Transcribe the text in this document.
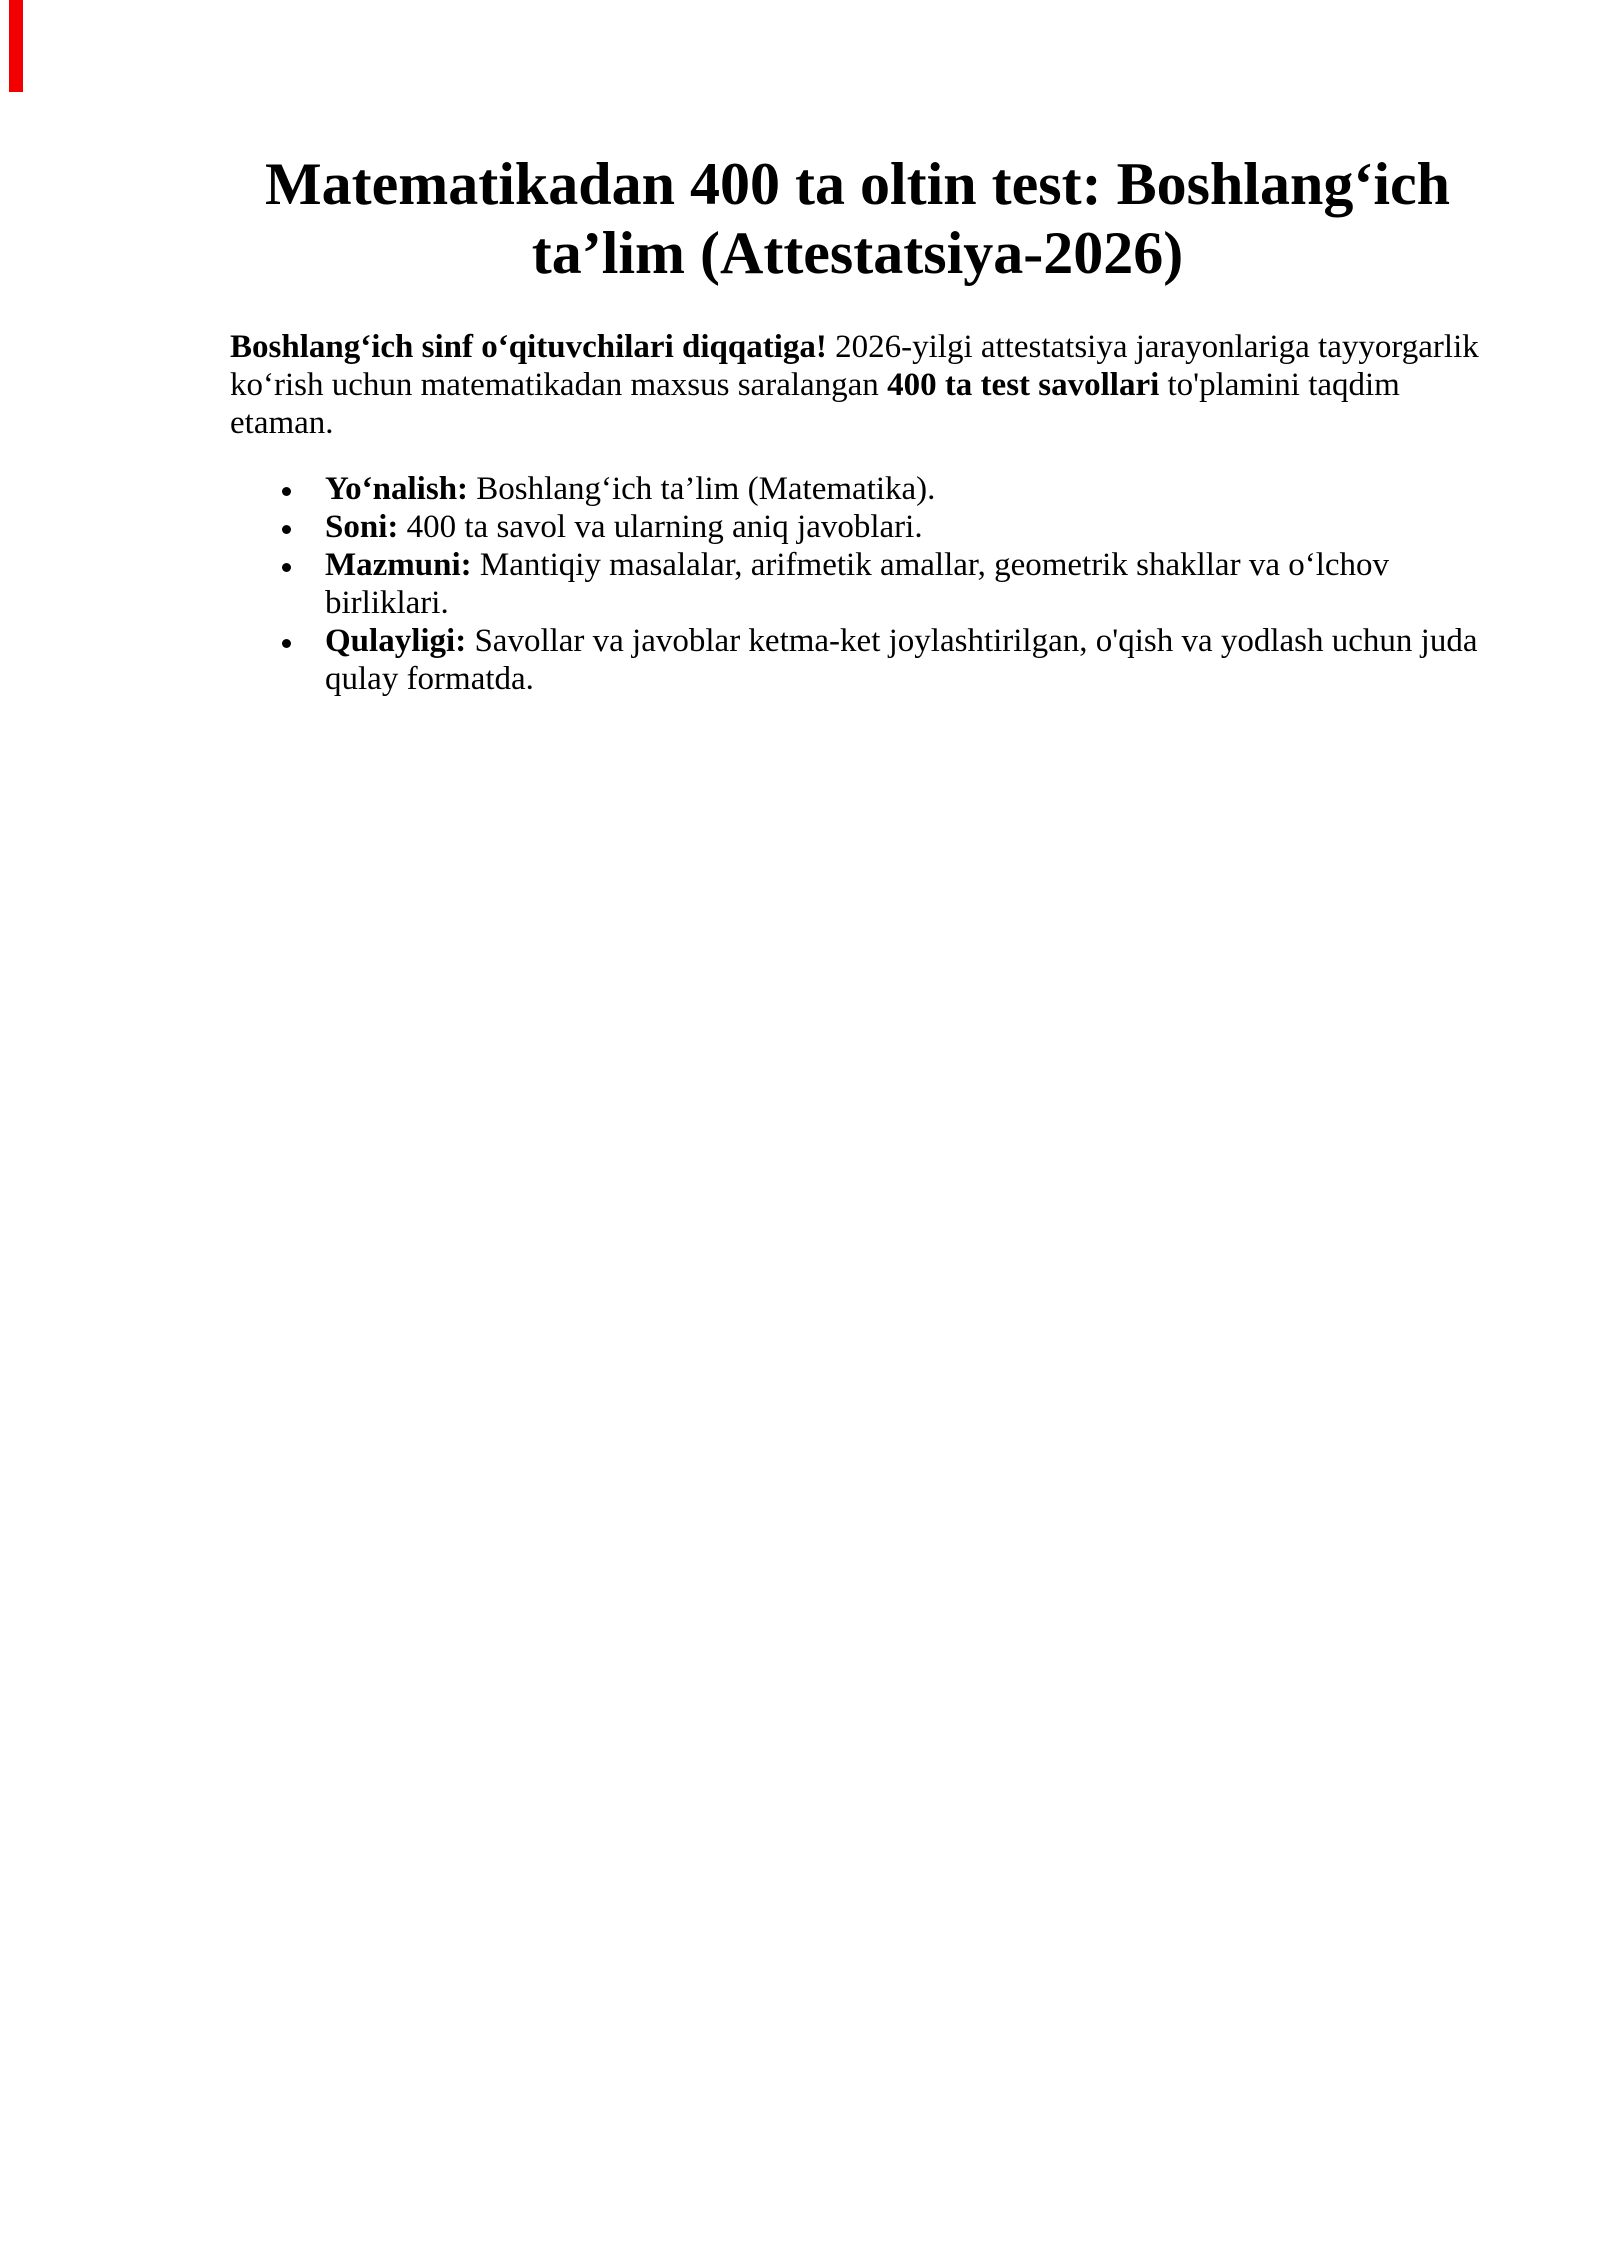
Matematikadan 400 ta oltin test: Boshlang‘ich ta’lim (Attestatsiya-2026)

Boshlang‘ich sinf o‘qituvchilari diqqatiga! 2026-yilgi attestatsiya jarayonlariga tayyorgarlik ko‘rish uchun matematikadan maxsus saralangan 400 ta test savollari to'plamini taqdim etaman.

Yo‘nalish: Boshlang‘ich ta’lim (Matematika).
Soni: 400 ta savol va ularning aniq javoblari.
Mazmuni: Mantiqiy masalalar, arifmetik amallar, geometrik shakllar va o‘lchov birliklari.
Qulayligi: Savollar va javoblar ketma-ket joylashtirilgan, o'qish va yodlash uchun juda qulay formatda.
